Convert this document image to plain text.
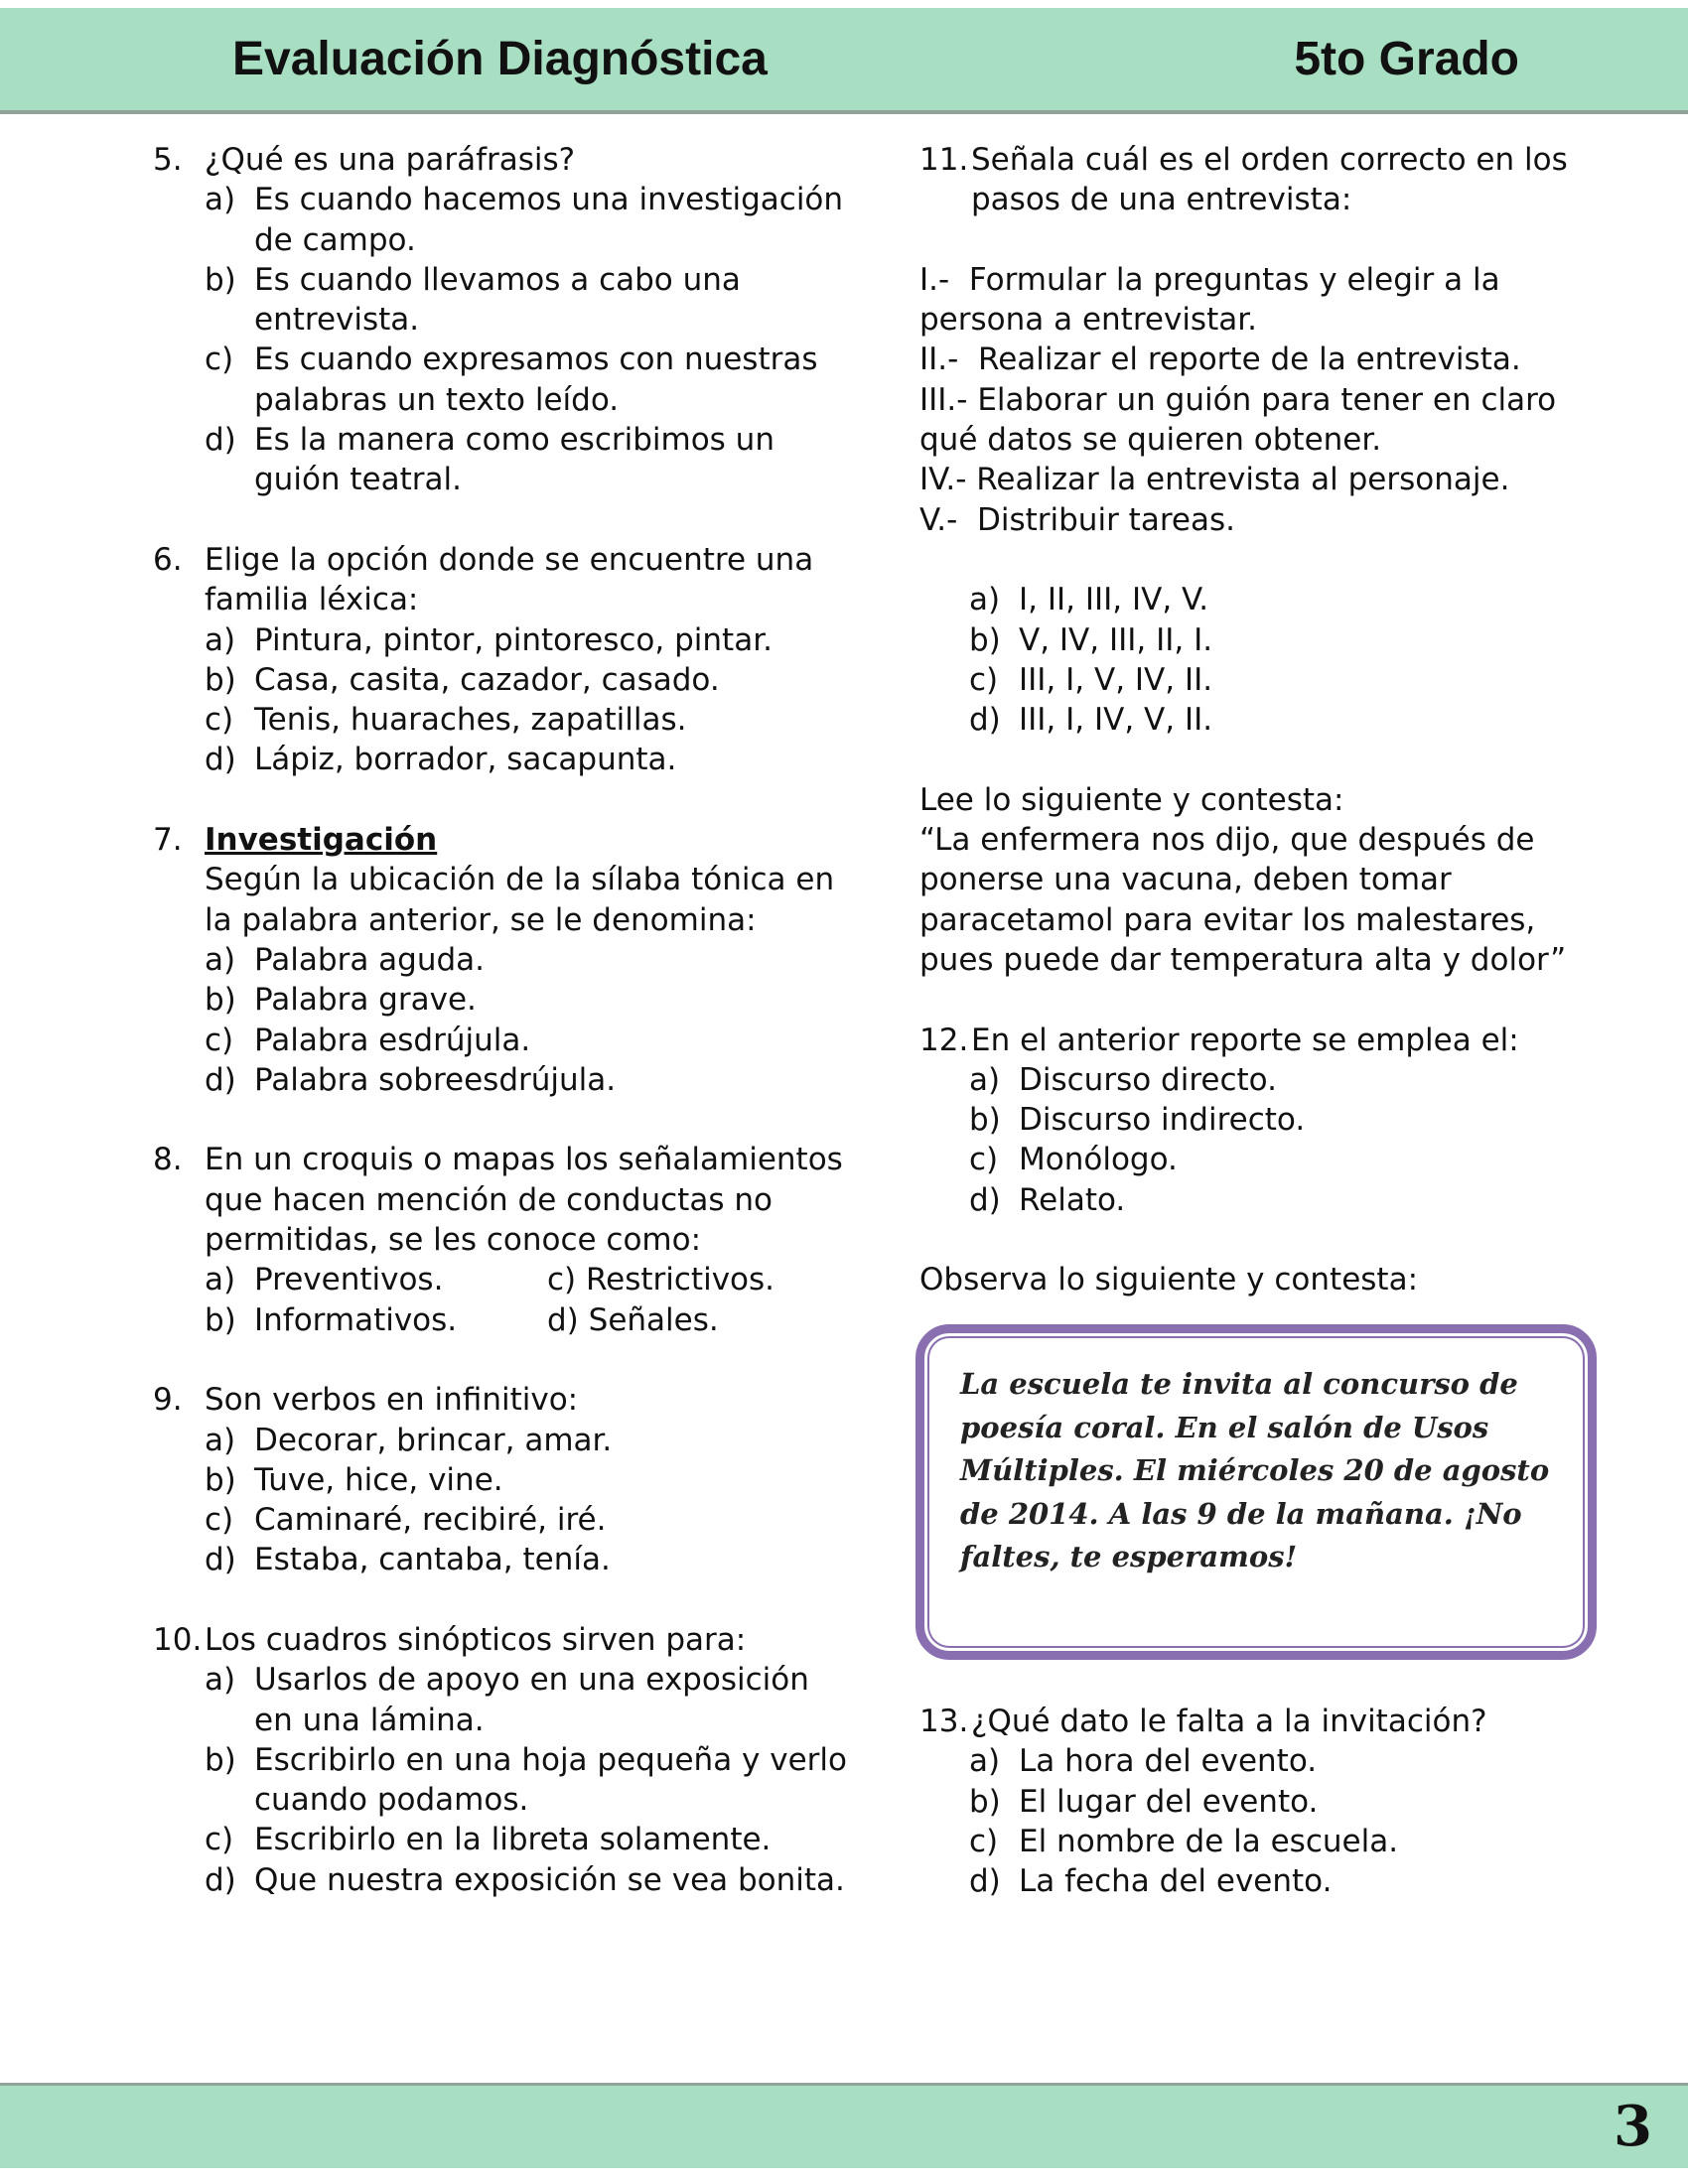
Evaluación Diagnóstica	5to Grado
5. ¿Qué es una paráfrasis?
a) Es cuando hacemos una investigación de campo.
b) Es cuando llevamos a cabo una entrevista.
c) Es cuando expresamos con nuestras palabras un texto leído.
d) Es la manera como escribimos un guión teatral.
6. Elige la opción donde se encuentre una familia léxica:
a) Pintura, pintor, pintoresco, pintar.
b) Casa, casita, cazador, casado.
c) Tenis, huaraches, zapatillas.
d) Lápiz, borrador, sacapunta.
7. Investigación
Según la ubicación de la sílaba tónica en la palabra anterior, se le denomina:
a) Palabra aguda.
b) Palabra grave.
c) Palabra esdrújula.
d) Palabra sobreesdrújula.
8. En un croquis o mapas los señalamientos que hacen mención de conductas no permitidas, se les conoce como:
a) Preventivos.	c) Restrictivos.
b) Informativos.	d) Señales.
9. Son verbos en infinitivo:
a) Decorar, brincar, amar.
b) Tuve, hice, vine.
c) Caminaré, recibiré, iré.
d) Estaba, cantaba, tenía.
10. Los cuadros sinópticos sirven para:
a) Usarlos de apoyo en una exposición en una lámina.
b) Escribirlo en una hoja pequeña y verlo cuando podamos.
c) Escribirlo en la libreta solamente.
d) Que nuestra exposición se vea bonita.
11. Señala cuál es el orden correcto en los pasos de una entrevista:
I.- Formular la preguntas y elegir a la persona a entrevistar.
II.- Realizar el reporte de la entrevista.
III.- Elaborar un guión para tener en claro qué datos se quieren obtener.
IV.- Realizar la entrevista al personaje.
V.- Distribuir tareas.
a) I, II, III, IV, V.
b) V, IV, III, II, I.
c) III, I, V, IV, II.
d) III, I, IV, V, II.
Lee lo siguiente y contesta:
“La enfermera nos dijo, que después de ponerse una vacuna, deben tomar paracetamol para evitar los malestares, pues puede dar temperatura alta y dolor”
12. En el anterior reporte se emplea el:
a) Discurso directo.
b) Discurso indirecto.
c) Monólogo.
d) Relato.
Observa lo siguiente y contesta:
La escuela te invita al concurso de poesía coral. En el salón de Usos Múltiples. El miércoles 20 de agosto de 2014. A las 9 de la mañana. ¡No faltes, te esperamos!
13. ¿Qué dato le falta a la invitación?
a) La hora del evento.
b) El lugar del evento.
c) El nombre de la escuela.
d) La fecha del evento.
3
